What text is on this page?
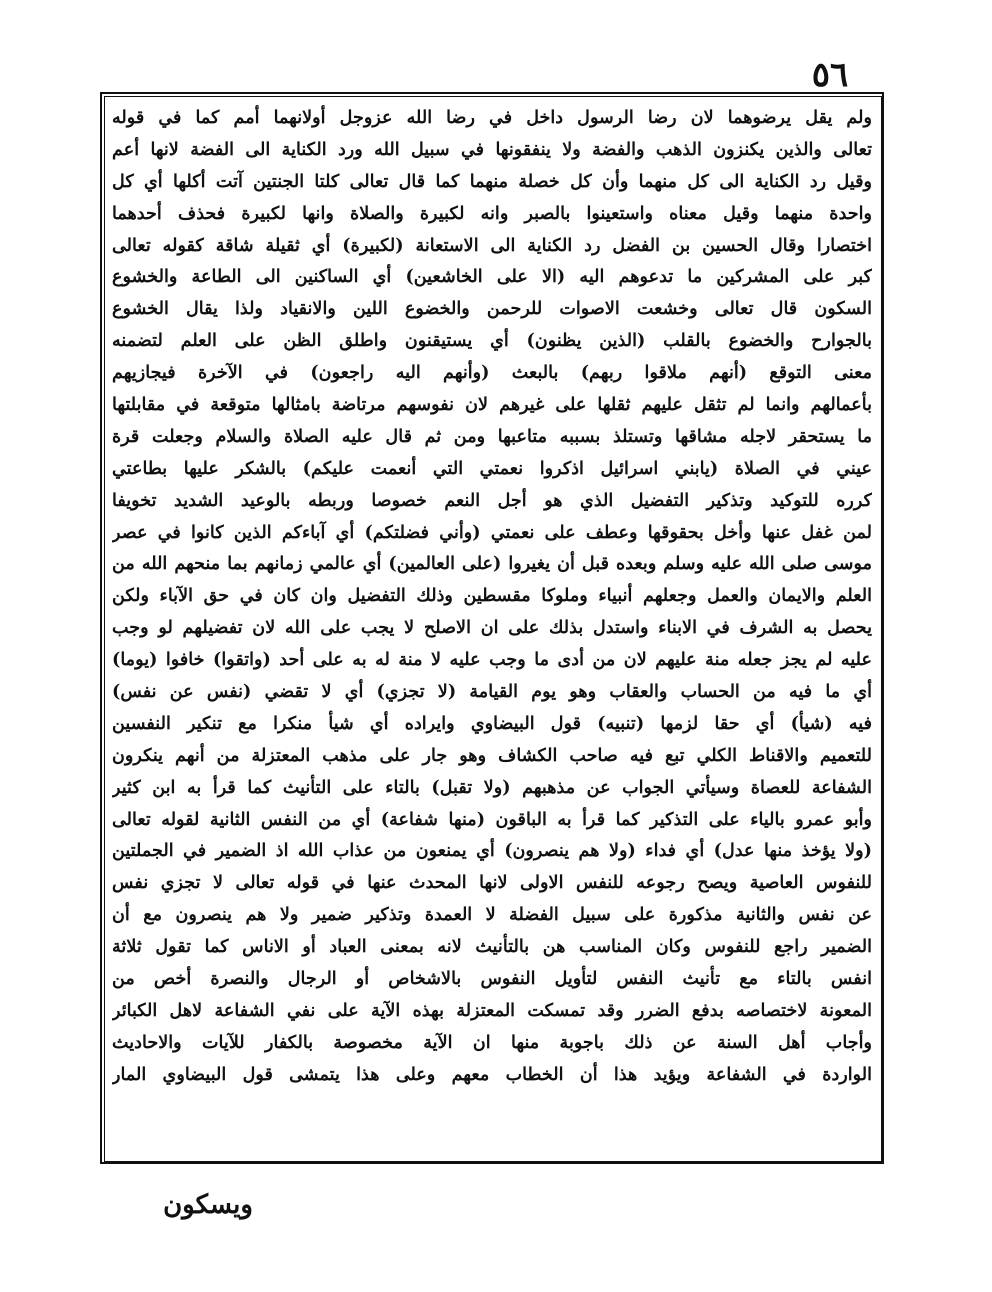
٥٦
ولم يقل يرضوهما لان رضا الرسول داخل في رضا الله عزوجل أولانهما أمم كما في قوله
تعالى والذين يكنزون الذهب والفضة ولا ينفقونها في سبيل الله ورد الكناية الى الفضة لانها أعم
وقيل رد الكناية الى كل منهما وأن كل خصلة منهما كما قال تعالى كلتا الجنتين آتت أكلها أي كل
واحدة منهما وقيل معناه واستعينوا بالصبر وانه لكبيرة والصلاة وانها لكبيرة فحذف أحدهما
اختصارا وقال الحسين بن الفضل رد الكناية الى الاستعانة (لكبيرة) أي ثقيلة شاقة كقوله تعالى
كبر على المشركين ما تدعوهم اليه (الا على الخاشعين) أي الساكنين الى الطاعة والخشوع
السكون قال تعالى وخشعت الاصوات للرحمن والخضوع اللين والانقياد ولذا يقال الخشوع
بالجوارح والخضوع بالقلب (الذين يظنون) أي يستيقنون واطلق الظن على العلم لتضمنه
معنى التوقع (أنهم ملاقوا ربهم) بالبعث (وأنهم اليه راجعون) في الآخرة فيجازيهم
بأعمالهم وانما لم تثقل عليهم ثقلها على غيرهم لان نفوسهم مرتاضة بامثالها متوقعة في مقابلتها
ما يستحقر لاجله مشاقها وتستلذ بسببه متاعبها ومن ثم قال عليه الصلاة والسلام وجعلت قرة
عيني في الصلاة (يابني اسرائيل اذكروا نعمتي التي أنعمت عليكم) بالشكر عليها بطاعتي
كرره للتوكيد وتذكير التفضيل الذي هو أجل النعم خصوصا وربطه بالوعيد الشديد تخويفا
لمن غفل عنها وأخل بحقوقها وعطف على نعمتي (وأني فضلتكم) أي آباءكم الذين كانوا في عصر
موسى صلى الله عليه وسلم وبعده قبل أن يغيروا (على العالمين) أي عالمي زمانهم بما منحهم الله من
العلم والايمان والعمل وجعلهم أنبياء وملوكا مقسطين وذلك التفضيل وان كان في حق الآباء ولكن
يحصل به الشرف في الابناء واستدل بذلك على ان الاصلح لا يجب على الله لان تفضيلهم لو وجب
عليه لم يجز جعله منة عليهم لان من أدى ما وجب عليه لا منة له به على أحد (واتقوا) خافوا (يوما)
أي ما فيه من الحساب والعقاب وهو يوم القيامة (لا تجزي) أي لا تقضي (نفس عن نفس)
فيه (شيأ) أي حقا لزمها (تنبيه) قول البيضاوي وايراده أي شيأ منكرا مع تنكير النفسين
للتعميم والاقناط الكلي تبع فيه صاحب الكشاف وهو جار على مذهب المعتزلة من أنهم ينكرون
الشفاعة للعصاة وسيأتي الجواب عن مذهبهم (ولا تقبل) بالتاء على التأنيث كما قرأ به ابن كثير
وأبو عمرو بالياء على التذكير كما قرأ به الباقون (منها شفاعة) أي من النفس الثانية لقوله تعالى
(ولا يؤخذ منها عدل) أي فداء (ولا هم ينصرون) أي يمنعون من عذاب الله اذ الضمير في الجملتين
للنفوس العاصية ويصح رجوعه للنفس الاولى لانها المحدث عنها في قوله تعالى لا تجزي نفس
عن نفس والثانية مذكورة على سبيل الفضلة لا العمدة وتذكير ضمير ولا هم ينصرون مع أن
الضمير راجع للنفوس وكان المناسب هن بالتأنيث لانه بمعنى العباد أو الاناس كما تقول ثلاثة
انفس بالتاء مع تأنيث النفس لتأويل النفوس بالاشخاص أو الرجال والنصرة أخص من
المعونة لاختصاصه بدفع الضرر وقد تمسكت المعتزلة بهذه الآية على نفي الشفاعة لاهل الكبائر
وأجاب أهل السنة عن ذلك باجوبة منها ان الآية مخصوصة بالكفار للآيات والاحاديث
الواردة في الشفاعة ويؤيد هذا أن الخطاب معهم وعلى هذا يتمشى قول البيضاوي المار
ويسكون
